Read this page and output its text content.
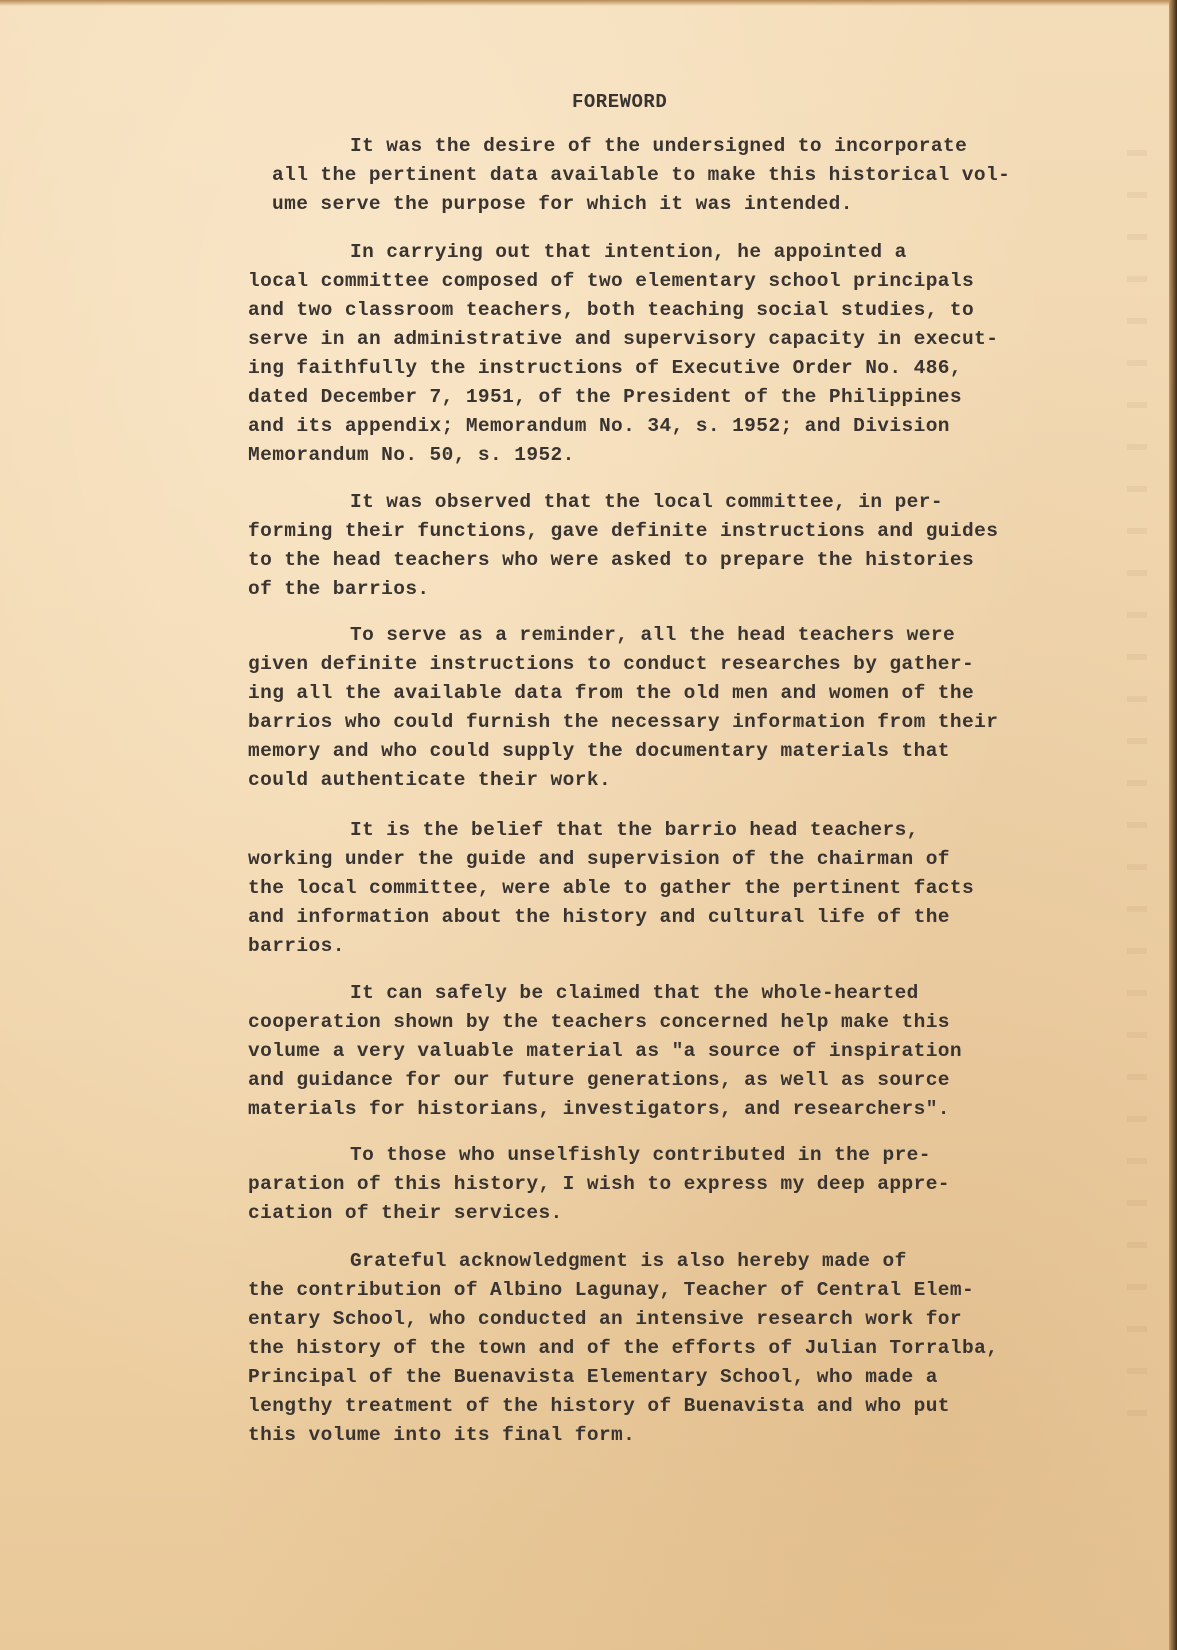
FOREWORD
It was the desire of the undersigned to incorporate
all the pertinent data available to make this historical vol-
ume serve the purpose for which it was intended.
In carrying out that intention, he appointed a
local committee composed of two elementary school principals
and two classroom teachers, both teaching social studies, to
serve in an administrative and supervisory capacity in execut-
ing faithfully the instructions of Executive Order No. 486,
dated December 7, 1951, of the President of the Philippines
and its appendix; Memorandum No. 34, s. 1952; and Division
Memorandum No. 50, s. 1952.
It was observed that the local committee, in per-
forming their functions, gave definite instructions and guides
to the head teachers who were asked to prepare the histories
of the barrios.
To serve as a reminder, all the head teachers were
given definite instructions to conduct researches by gather-
ing all the available data from the old men and women of the
barrios who could furnish the necessary information from their
memory and who could supply the documentary materials that
could authenticate their work.
It is the belief that the barrio head teachers,
working under the guide and supervision of the chairman of
the local committee, were able to gather the pertinent facts
and information about the history and cultural life of the
barrios.
It can safely be claimed that the whole-hearted
cooperation shown by the teachers concerned help make this
volume a very valuable material as "a source of inspiration
and guidance for our future generations, as well as source
materials for historians, investigators, and researchers".
To those who unselfishly contributed in the pre-
paration of this history, I wish to express my deep appre-
ciation of their services.
Grateful acknowledgment is also hereby made of
the contribution of Albino Lagunay, Teacher of Central Elem-
entary School, who conducted an intensive research work for
the history of the town and of the efforts of Julian Torralba,
Principal of the Buenavista Elementary School, who made a
lengthy treatment of the history of Buenavista and who put
this volume into its final form.
